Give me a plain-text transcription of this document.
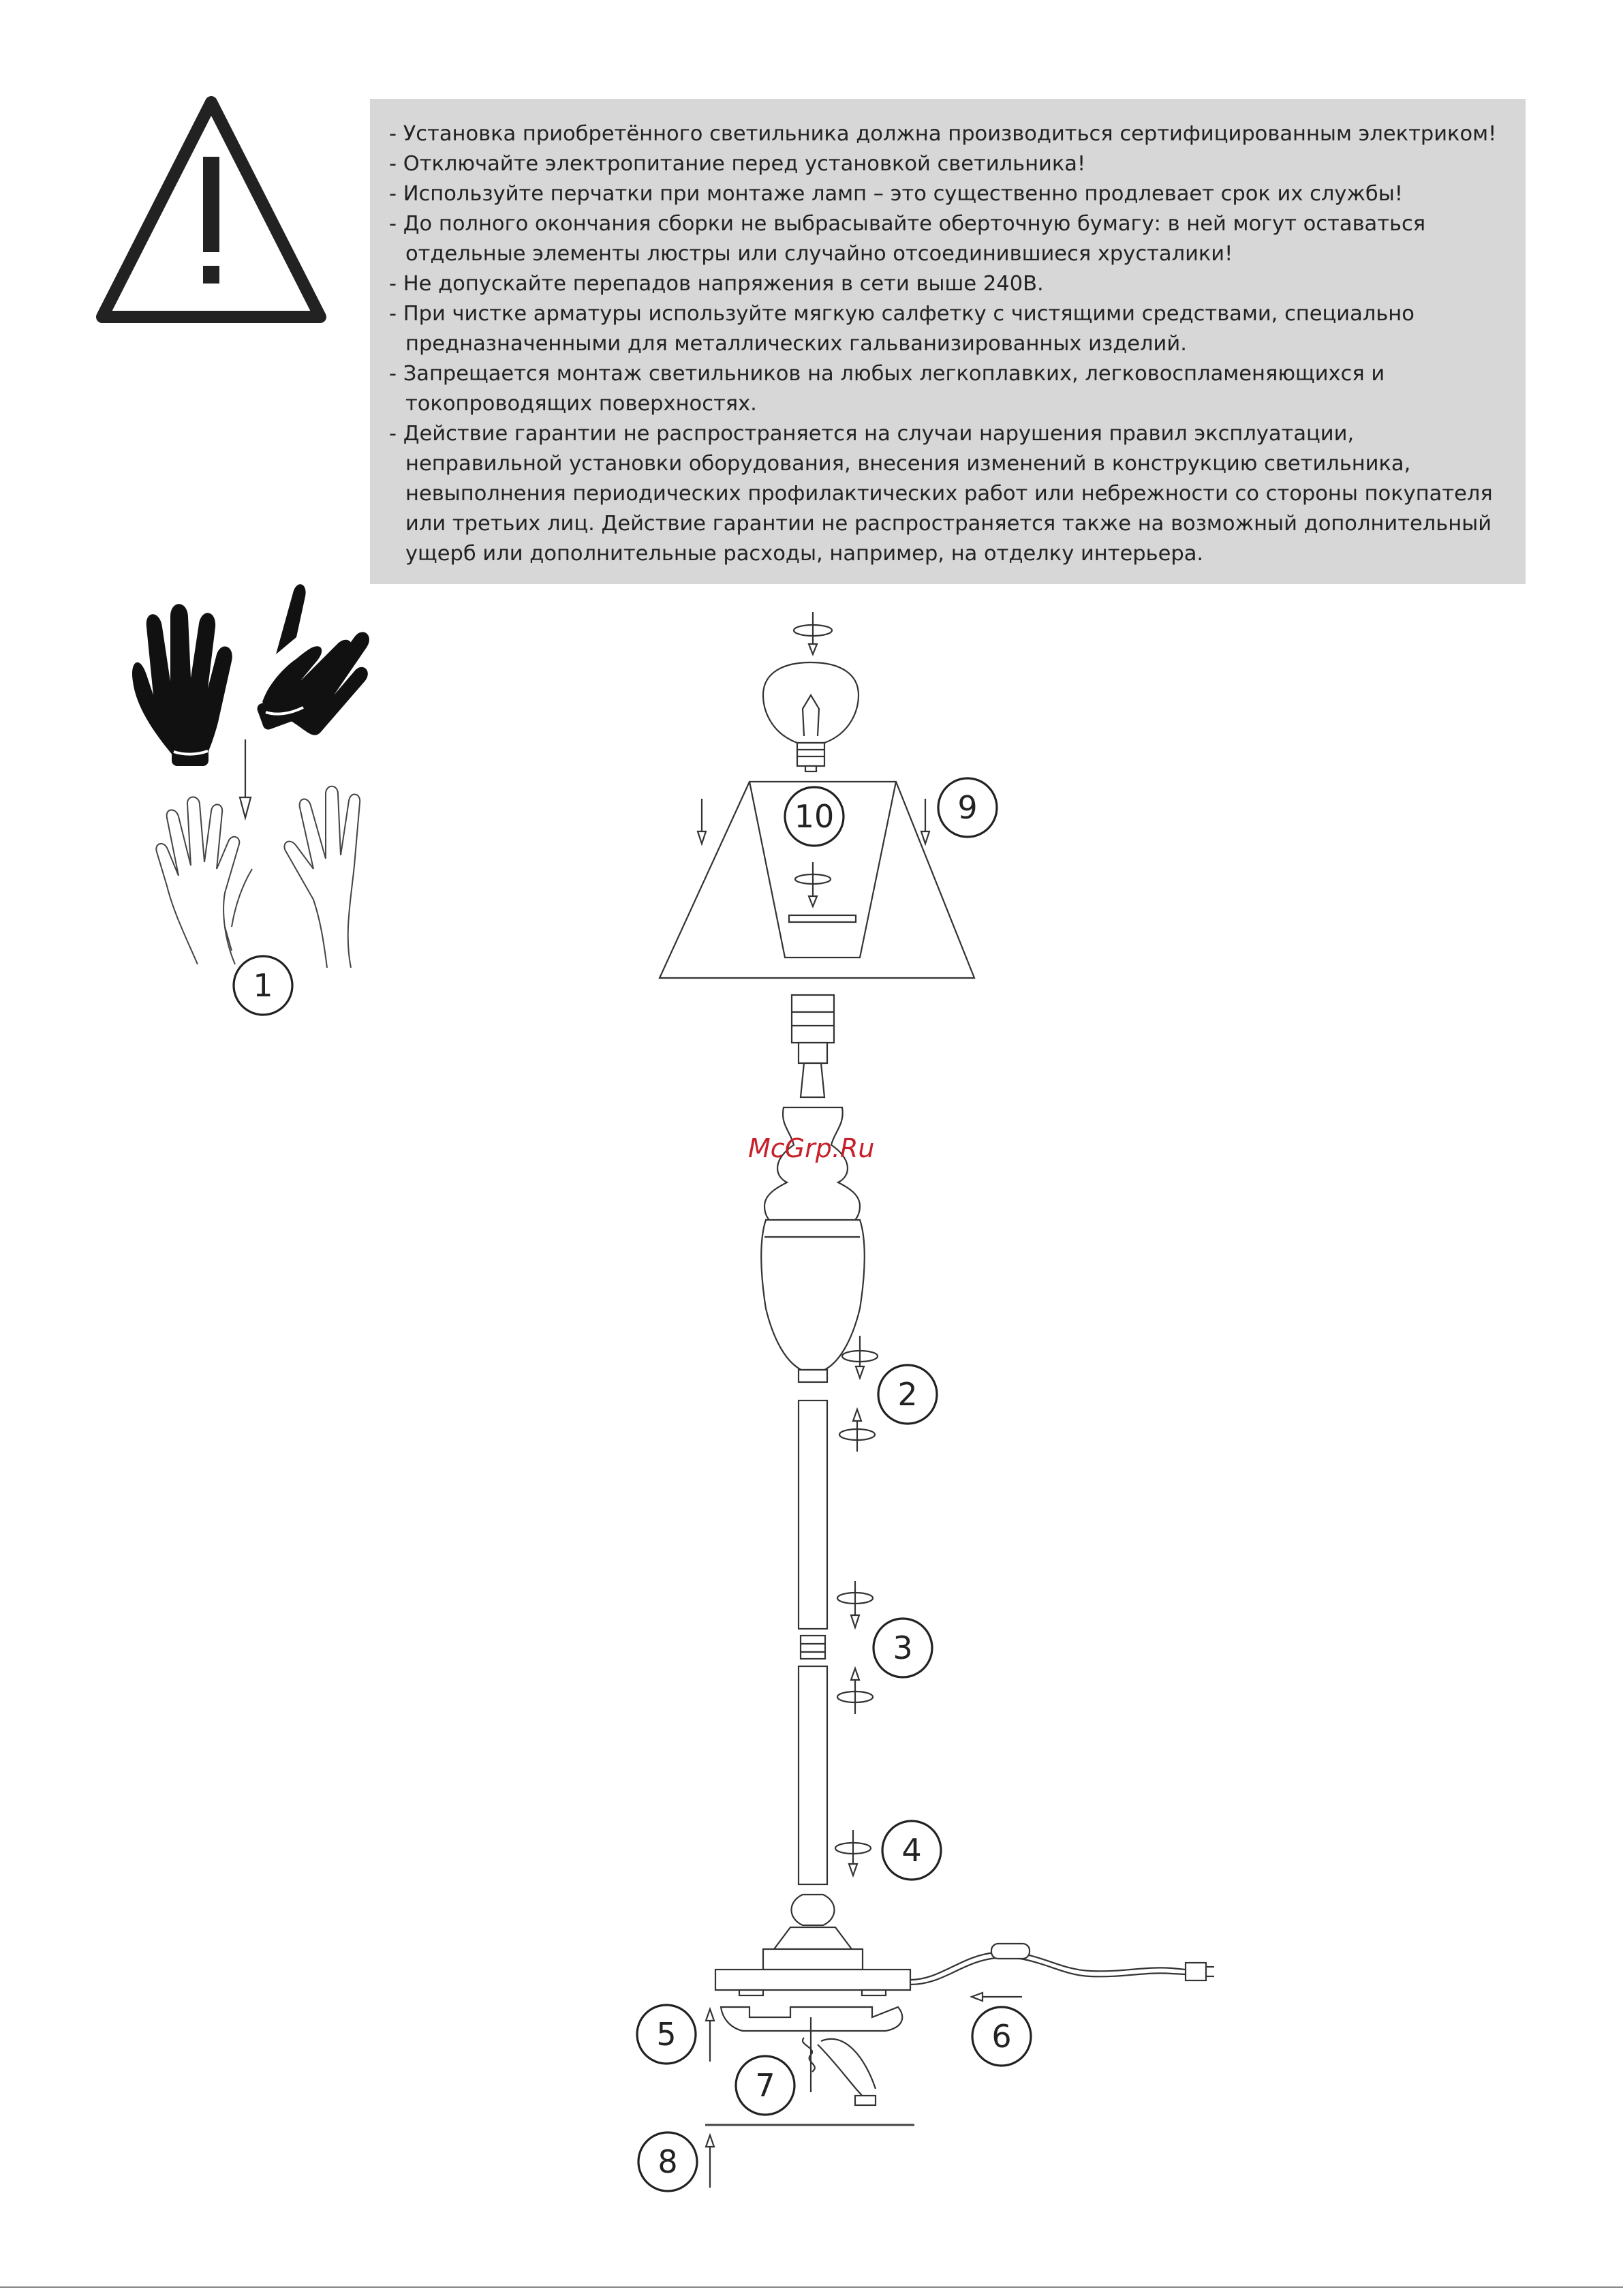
- Установка приобретённого светильника должна производиться сертифицированным электриком!
- Отключайте электропитание перед установкой светильника!
- Используйте перчатки при монтаже ламп – это существенно продлевает срок их службы!
- До полного окончания сборки не выбрасывайте оберточную бумагу: в ней могут оставаться отдельные элементы люстры или случайно отсоединившиеся хрусталики!
- Не допускайте перепадов напряжения в сети выше 240В.
- При чистке арматуры используйте мягкую салфетку с чистящими средствами, специально предназначенными для металлических гальванизированных изделий.
- Запрещается монтаж светильников на любых легкоплавких, легковоспламеняющихся и токопроводящих поверхностях.
- Действие гарантии не распространяется на случаи нарушения правил эксплуатации, неправильной установки оборудования, внесения изменений в конструкцию светильника, невыполнения периодических профилактических работ или небрежности со стороны покупателя или третьих лиц. Действие гарантии не распространяется также на возможный дополнительный ущерб или дополнительные расходы, например, на отделку интерьера.
1
2
3
4
5	6
7
8
9
10
McGrp.Ru
